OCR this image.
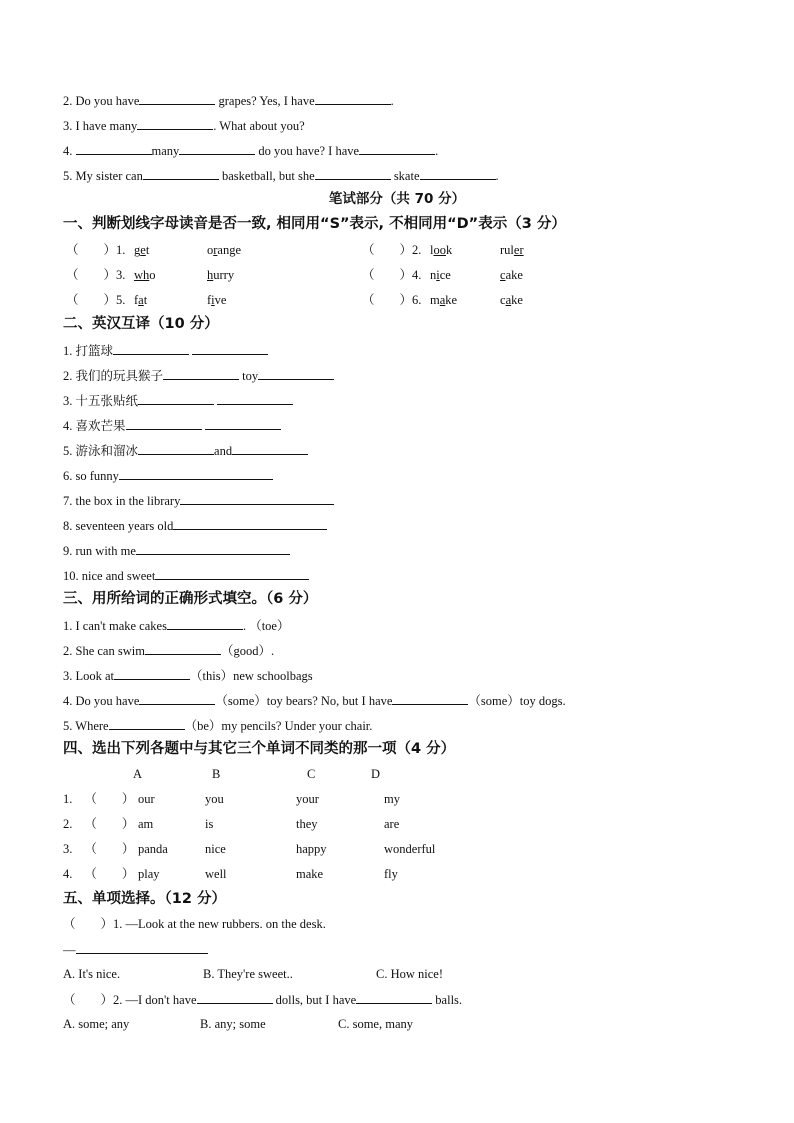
2. Do you have	grapes? Yes, I have	.
3. I have many	. What about you?
4.	many	do you have? I have	.
5. My sister can	basketball, but she	skate	.
笔试部分（共 70 分）
一、判断划线字母读音是否一致, 相同用“S”表示, 不相同用“D”表示（3 分）
（　　）1. get	orange	（　　）2. look	ruler
（　　）3. who	hurry	（　　）4. nice	cake
（　　）5. fat	five	（　　）6. make	cake
二、英汉互译（10 分）
1. 打篮球
2. 我们的玩具猴子	toy
3. 十五张贴纸
4. 喜欢芒果
5. 游泳和溜冰	and
6. so funny
7. the box in the library
8. seventeen years old
9. run with me
10. nice and sweet
三、用所给词的正确形式填空。（6 分）
1. I can't make cakes	. （toe）
2. She can swim	（good）.
3. Look at	（this）new schoolbags
4. Do you have	（some）toy bears? No, but I have	（some）toy dogs.
5. Where	（be）my pencils? Under your chair.
四、选出下列各题中与其它三个单词不同类的那一项（4 分）
A	B	C	D
1. （　　） our	you	your	my
2. （　　） am	is	they	are
3. （　　） panda	nice	happy	wonderful
4. （　　） play	well	make	fly
五、单项选择。（12 分）
（　　）1. —Look at the new rubbers. on the desk.
—
A. It's nice.	B. They're sweet..	C. How nice!
（　　）2. —I don't have	dolls, but I have	balls.
A. some; any	B. any; some	C. some, many
